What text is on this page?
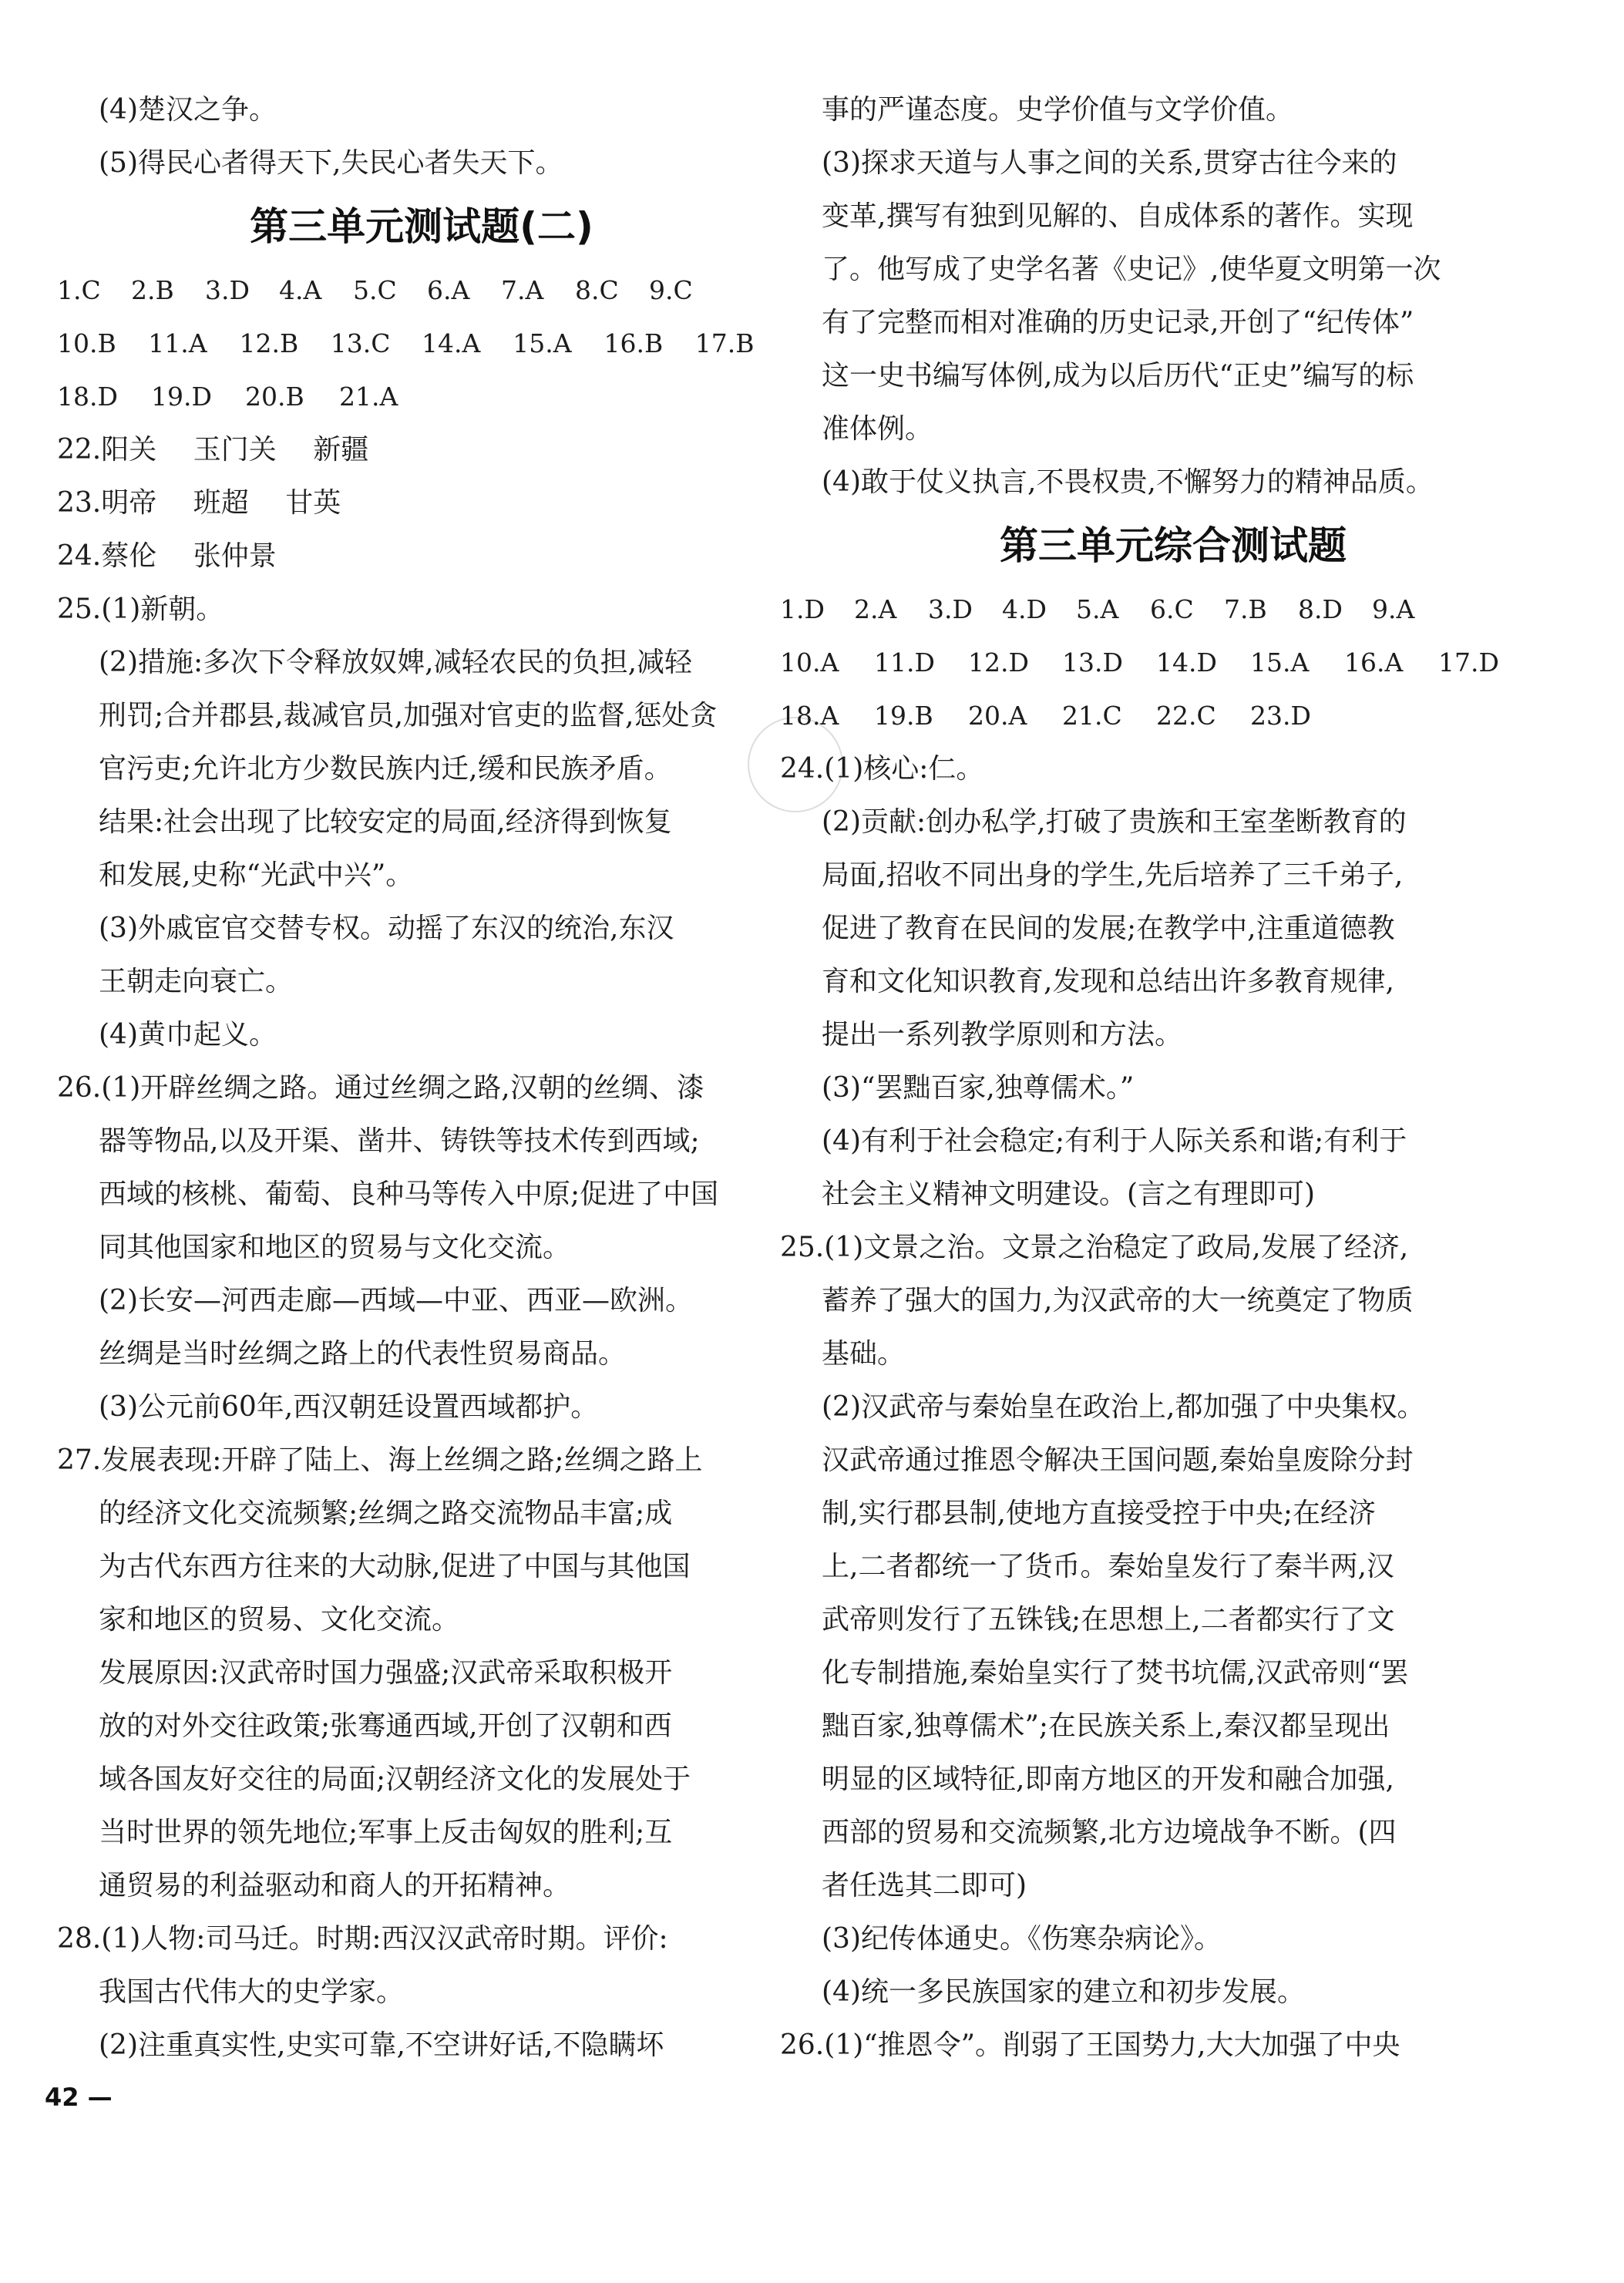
(4)楚汉之争。
(5)得民心者得天下,失民心者失天下。
第三单元测试题(二)
1.C	2.B	3.D	4.A	5.C	6.A	7.A	8.C	9.C
10.B	11.A	12.B	13.C	14.A	15.A	16.B	17.B
18.D	19.D	20.B	21.A
22.阳关 玉门关 新疆
23.明帝 班超 甘英
24.蔡伦 张仲景
25.(1)新朝。
(2)措施:多次下令释放奴婢,减轻农民的负担,减轻
刑罚;合并郡县,裁减官员,加强对官吏的监督,惩处贪
官污吏;允许北方少数民族内迁,缓和民族矛盾。
结果:社会出现了比较安定的局面,经济得到恢复
和发展,史称“光武中兴”。
(3)外戚宦官交替专权。动摇了东汉的统治,东汉
王朝走向衰亡。
(4)黄巾起义。
26.(1)开辟丝绸之路。通过丝绸之路,汉朝的丝绸、漆
器等物品,以及开渠、凿井、铸铁等技术传到西域;
西域的核桃、葡萄、良种马等传入中原;促进了中国
同其他国家和地区的贸易与文化交流。
(2)长安—河西走廊—西域—中亚、西亚—欧洲。
丝绸是当时丝绸之路上的代表性贸易商品。
(3)公元前60年,西汉朝廷设置西域都护。
27.发展表现:开辟了陆上、海上丝绸之路;丝绸之路上
的经济文化交流频繁;丝绸之路交流物品丰富;成
为古代东西方往来的大动脉,促进了中国与其他国
家和地区的贸易、文化交流。
发展原因:汉武帝时国力强盛;汉武帝采取积极开
放的对外交往政策;张骞通西域,开创了汉朝和西
域各国友好交往的局面;汉朝经济文化的发展处于
当时世界的领先地位;军事上反击匈奴的胜利;互
通贸易的利益驱动和商人的开拓精神。
28.(1)人物:司马迁。时期:西汉汉武帝时期。评价:
我国古代伟大的史学家。
(2)注重真实性,史实可靠,不空讲好话,不隐瞒坏
事的严谨态度。史学价值与文学价值。
(3)探求天道与人事之间的关系,贯穿古往今来的
变革,撰写有独到见解的、自成体系的著作。实现
了。他写成了史学名著《史记》,使华夏文明第一次
有了完整而相对准确的历史记录,开创了“纪传体”
这一史书编写体例,成为以后历代“正史”编写的标
准体例。
(4)敢于仗义执言,不畏权贵,不懈努力的精神品质。
第三单元综合测试题
1.D	2.A	3.D	4.D	5.A	6.C	7.B	8.D	9.A
10.A	11.D	12.D	13.D	14.D	15.A	16.A	17.D
18.A	19.B	20.A	21.C	22.C	23.D
24.(1)核心:仁。
(2)贡献:创办私学,打破了贵族和王室垄断教育的
局面,招收不同出身的学生,先后培养了三千弟子,
促进了教育在民间的发展;在教学中,注重道德教
育和文化知识教育,发现和总结出许多教育规律,
提出一系列教学原则和方法。
(3)“罢黜百家,独尊儒术。”
(4)有利于社会稳定;有利于人际关系和谐;有利于
社会主义精神文明建设。(言之有理即可)
25.(1)文景之治。文景之治稳定了政局,发展了经济,
蓄养了强大的国力,为汉武帝的大一统奠定了物质
基础。
(2)汉武帝与秦始皇在政治上,都加强了中央集权。
汉武帝通过推恩令解决王国问题,秦始皇废除分封
制,实行郡县制,使地方直接受控于中央;在经济
上,二者都统一了货币。秦始皇发行了秦半两,汉
武帝则发行了五铢钱;在思想上,二者都实行了文
化专制措施,秦始皇实行了焚书坑儒,汉武帝则“罢
黜百家,独尊儒术”;在民族关系上,秦汉都呈现出
明显的区域特征,即南方地区的开发和融合加强,
西部的贸易和交流频繁,北方边境战争不断。(四
者任选其二即可)
(3)纪传体通史。《伤寒杂病论》。
(4)统一多民族国家的建立和初步发展。
26.(1)“推恩令”。削弱了王国势力,大大加强了中央
42 —
